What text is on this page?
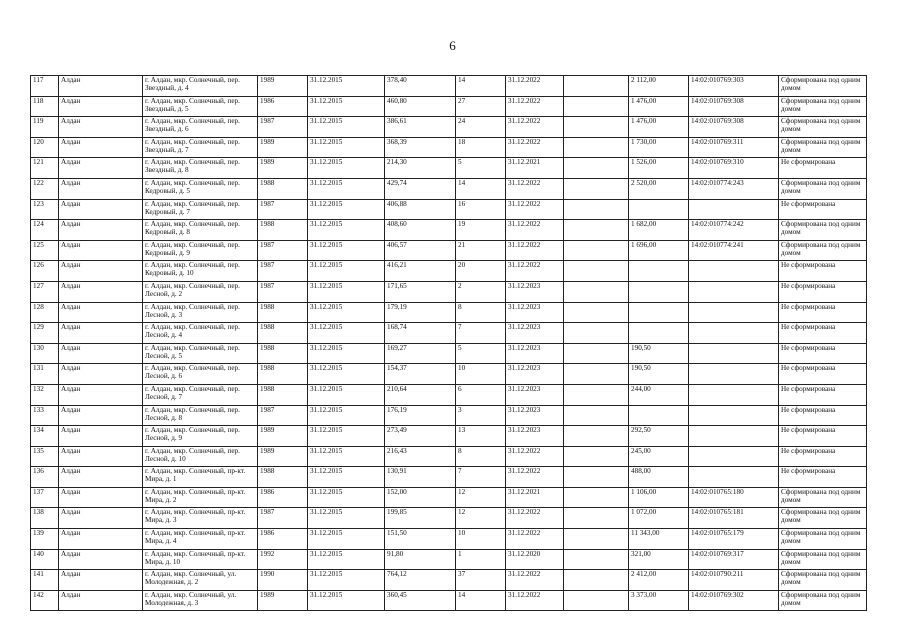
6
117	Алдан	г. Алдан, мкр. Солнечный, пер. Звездный, д. 4	1989	31.12.2015	378,40	14	31.12.2022		2 112,00	14:02:010769:303	Сформирована под одним домом
118	Алдан	г. Алдан, мкр. Солнечный, пер. Звездный, д. 5	1986	31.12.2015	460,80	27	31.12.2022		1 476,00	14:02:010769:308	Сформирована под одним домом
119	Алдан	г. Алдан, мкр. Солнечный, пер. Звездный, д. 6	1987	31.12.2015	386,61	24	31.12.2022		1 476,00	14:02:010769:308	Сформирована под одним домом
120	Алдан	г. Алдан, мкр. Солнечный, пер. Звездный, д. 7	1989	31.12.2015	368,39	18	31.12.2022		1 730,00	14:02:010769:311	Сформирована под одним домом
121	Алдан	г. Алдан, мкр. Солнечный, пер. Звездный, д. 8	1989	31.12.2015	214,30	5	31.12.2021		1 526,00	14:02:010769:310	Не сформирована
122	Алдан	г. Алдан, мкр. Солнечный, пер. Кедровый, д. 5	1988	31.12.2015	429,74	14	31.12.2022		2 520,00	14:02:010774:243	Сформирована под одним домом
123	Алдан	г. Алдан, мкр. Солнечный, пер. Кедровый, д. 7	1987	31.12.2015	406,88	16	31.12.2022				Не сформирована
124	Алдан	г. Алдан, мкр. Солнечный, пер. Кедровый, д. 8	1988	31.12.2015	408,60	19	31.12.2022		1 682,00	14:02:010774:242	Сформирована под одним домом
125	Алдан	г. Алдан, мкр. Солнечный, пер. Кедровый, д. 9	1987	31.12.2015	406,57	21	31.12.2022		1 696,00	14:02:010774:241	Сформирована под одним домом
126	Алдан	г. Алдан, мкр. Солнечный, пер. Кедровый, д. 10	1987	31.12.2015	416,21	20	31.12.2022				Не сформирована
127	Алдан	г. Алдан, мкр. Солнечный, пер. Лесной, д. 2	1987	31.12.2015	171,65	2	31.12.2023				Не сформирована
128	Алдан	г. Алдан, мкр. Солнечный, пер. Лесной, д. 3	1988	31.12.2015	179,19	8	31.12.2023				Не сформирована
129	Алдан	г. Алдан, мкр. Солнечный, пер. Лесной, д. 4	1988	31.12.2015	168,74	7	31.12.2023				Не сформирована
130	Алдан	г. Алдан, мкр. Солнечный, пер. Лесной, д. 5	1988	31.12.2015	169,27	5	31.12.2023		190,50		Не сформирована
131	Алдан	г. Алдан, мкр. Солнечный, пер. Лесной, д. 6	1988	31.12.2015	154,37	10	31.12.2023		190,50		Не сформирована
132	Алдан	г. Алдан, мкр. Солнечный, пер. Лесной, д. 7	1988	31.12.2015	210,64	6	31.12.2023		244,00		Не сформирована
133	Алдан	г. Алдан, мкр. Солнечный, пер. Лесной, д. 8	1987	31.12.2015	176,19	3	31.12.2023				Не сформирована
134	Алдан	г. Алдан, мкр. Солнечный, пер. Лесной, д. 9	1989	31.12.2015	273,49	13	31.12.2023		292,50		Не сформирована
135	Алдан	г. Алдан, мкр. Солнечный, пер. Лесной, д. 10	1989	31.12.2015	216,43	8	31.12.2022		245,00		Не сформирована
136	Алдан	г. Алдан, мкр. Солнечный, пр-кт. Мира, д. 1	1988	31.12.2015	130,91	7	31.12.2022		488,00		Не сформирована
137	Алдан	г. Алдан, мкр. Солнечный, пр-кт. Мира, д. 2	1986	31.12.2015	152,00	12	31.12.2021		1 106,00	14:02:010765:180	Сформирована под одним домом
138	Алдан	г. Алдан, мкр. Солнечный, пр-кт. Мира, д. 3	1987	31.12.2015	199,85	12	31.12.2022		1 072,00	14:02:010765:181	Сформирована под одним домом
139	Алдан	г. Алдан, мкр. Солнечный, пр-кт. Мира, д. 4	1986	31.12.2015	151,50	10	31.12.2022		11 343,00	14:02:010765:179	Сформирована под одним домом
140	Алдан	г. Алдан, мкр. Солнечный, пр-кт. Мира, д. 10	1992	31.12.2015	91,80	1	31.12.2020		321,00	14:02:010769:317	Сформирована под одним домом
141	Алдан	г. Алдан, мкр. Солнечный, ул. Молодежная, д. 2	1990	31.12.2015	764,12	37	31.12.2022		2 412,00	14:02:010790:211	Сформирована под одним домом
142	Алдан	г. Алдан, мкр. Солнечный, ул. Молодежная, д. 3	1989	31.12.2015	360,45	14	31.12.2022		3 373,00	14:02:010769:302	Сформирована под одним домом
